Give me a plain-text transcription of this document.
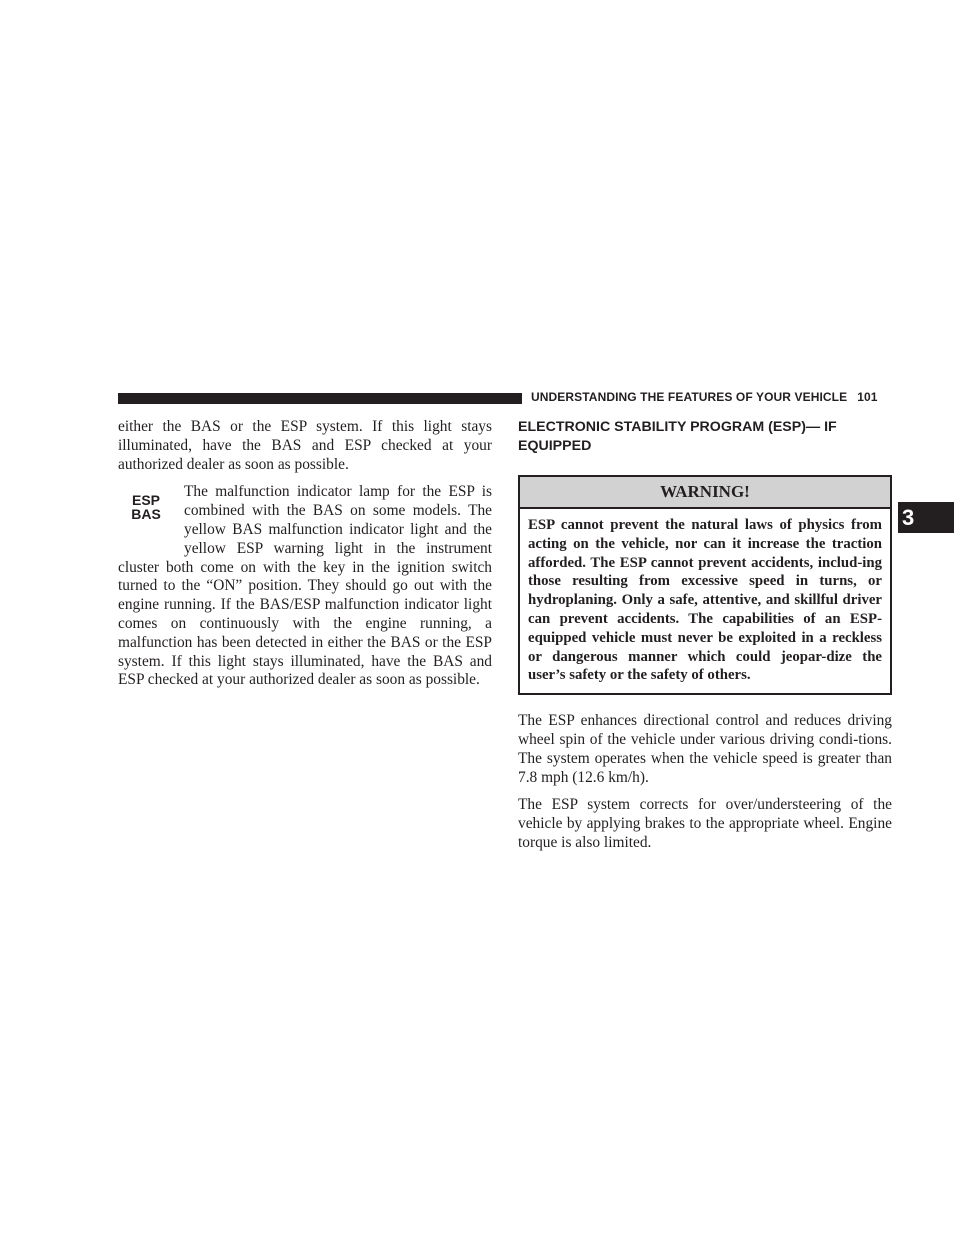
UNDERSTANDING THE FEATURES OF YOUR VEHICLE 101
3

either the BAS or the ESP system. If this light stays illuminated, have the BAS and ESP checked at your authorized dealer as soon as possible.

ESP
BAS

The malfunction indicator lamp for the ESP is combined with the BAS on some models. The yellow BAS malfunction indicator light and the yellow ESP warning light in the instrument cluster both come on with the key in the ignition switch turned to the “ON” position. They should go out with the engine running. If the BAS/ESP malfunction indicator light comes on continuously with the engine running, a malfunction has been detected in either the BAS or the ESP system. If this light stays illuminated, have the BAS and ESP checked at your authorized dealer as soon as possible.

ELECTRONIC STABILITY PROGRAM (ESP)— IF EQUIPPED
WARNING!
ESP cannot prevent the natural laws of physics from acting on the vehicle, nor can it increase the traction afforded. The ESP cannot prevent accidents, includ-ing those resulting from excessive speed in turns, or hydroplaning. Only a safe, attentive, and skillful driver can prevent accidents. The capabilities of an ESP-equipped vehicle must never be exploited in a reckless or dangerous manner which could jeopar-dize the user’s safety or the safety of others.

The ESP enhances directional control and reduces driving wheel spin of the vehicle under various driving condi-tions. The system operates when the vehicle speed is greater than 7.8 mph (12.6 km/h).

The ESP system corrects for over/understeering of the vehicle by applying brakes to the appropriate wheel. Engine torque is also limited.
